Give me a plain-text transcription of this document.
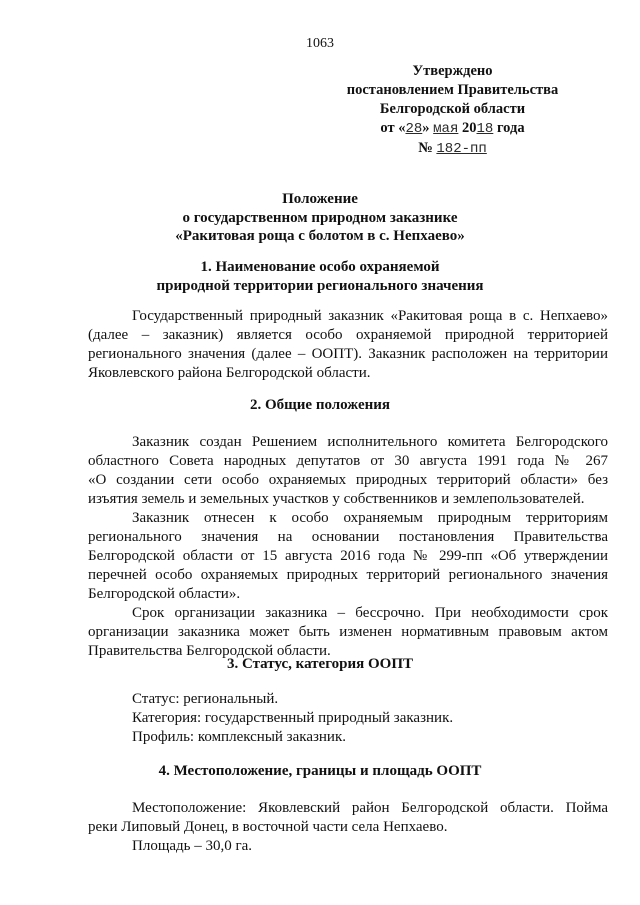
1063
Утверждено
постановлением Правительства
Белгородской области
от «28» мая 2018 года
№ 182-пп
Положение
о государственном природном заказнике
«Ракитовая роща с болотом в с. Непхаево»
1. Наименование особо охраняемой
природной территории регионального значения
Государственный природный заказник «Ракитовая роща в с. Непхаево»
(далее – заказник) является особо охраняемой природной территорией
регионального значения (далее – ООПТ). Заказник расположен на территории
Яковлевского района Белгородской области.
2. Общие положения
Заказник создан Решением исполнительного комитета Белгородского
областного Совета народных депутатов от 30 августа 1991 года № 267
«О создании сети особо охраняемых природных территорий области» без
изъятия земель и земельных участков у собственников и землепользователей.
Заказник отнесен к особо охраняемым природным территориям
регионального значения на основании постановления Правительства
Белгородской области от 15 августа 2016 года № 299-пп «Об утверждении
перечней особо охраняемых природных территорий регионального значения
Белгородской области».
Срок организации заказника – бессрочно. При необходимости срок
организации заказника может быть изменен нормативным правовым актом
Правительства Белгородской области.
3. Статус, категория ООПТ
Статус: региональный.
Категория: государственный природный заказник.
Профиль: комплексный заказник.
4. Местоположение, границы и площадь ООПТ
Местоположение: Яковлевский район Белгородской области. Пойма
реки Липовый Донец, в восточной части села Непхаево.
Площадь – 30,0 га.
